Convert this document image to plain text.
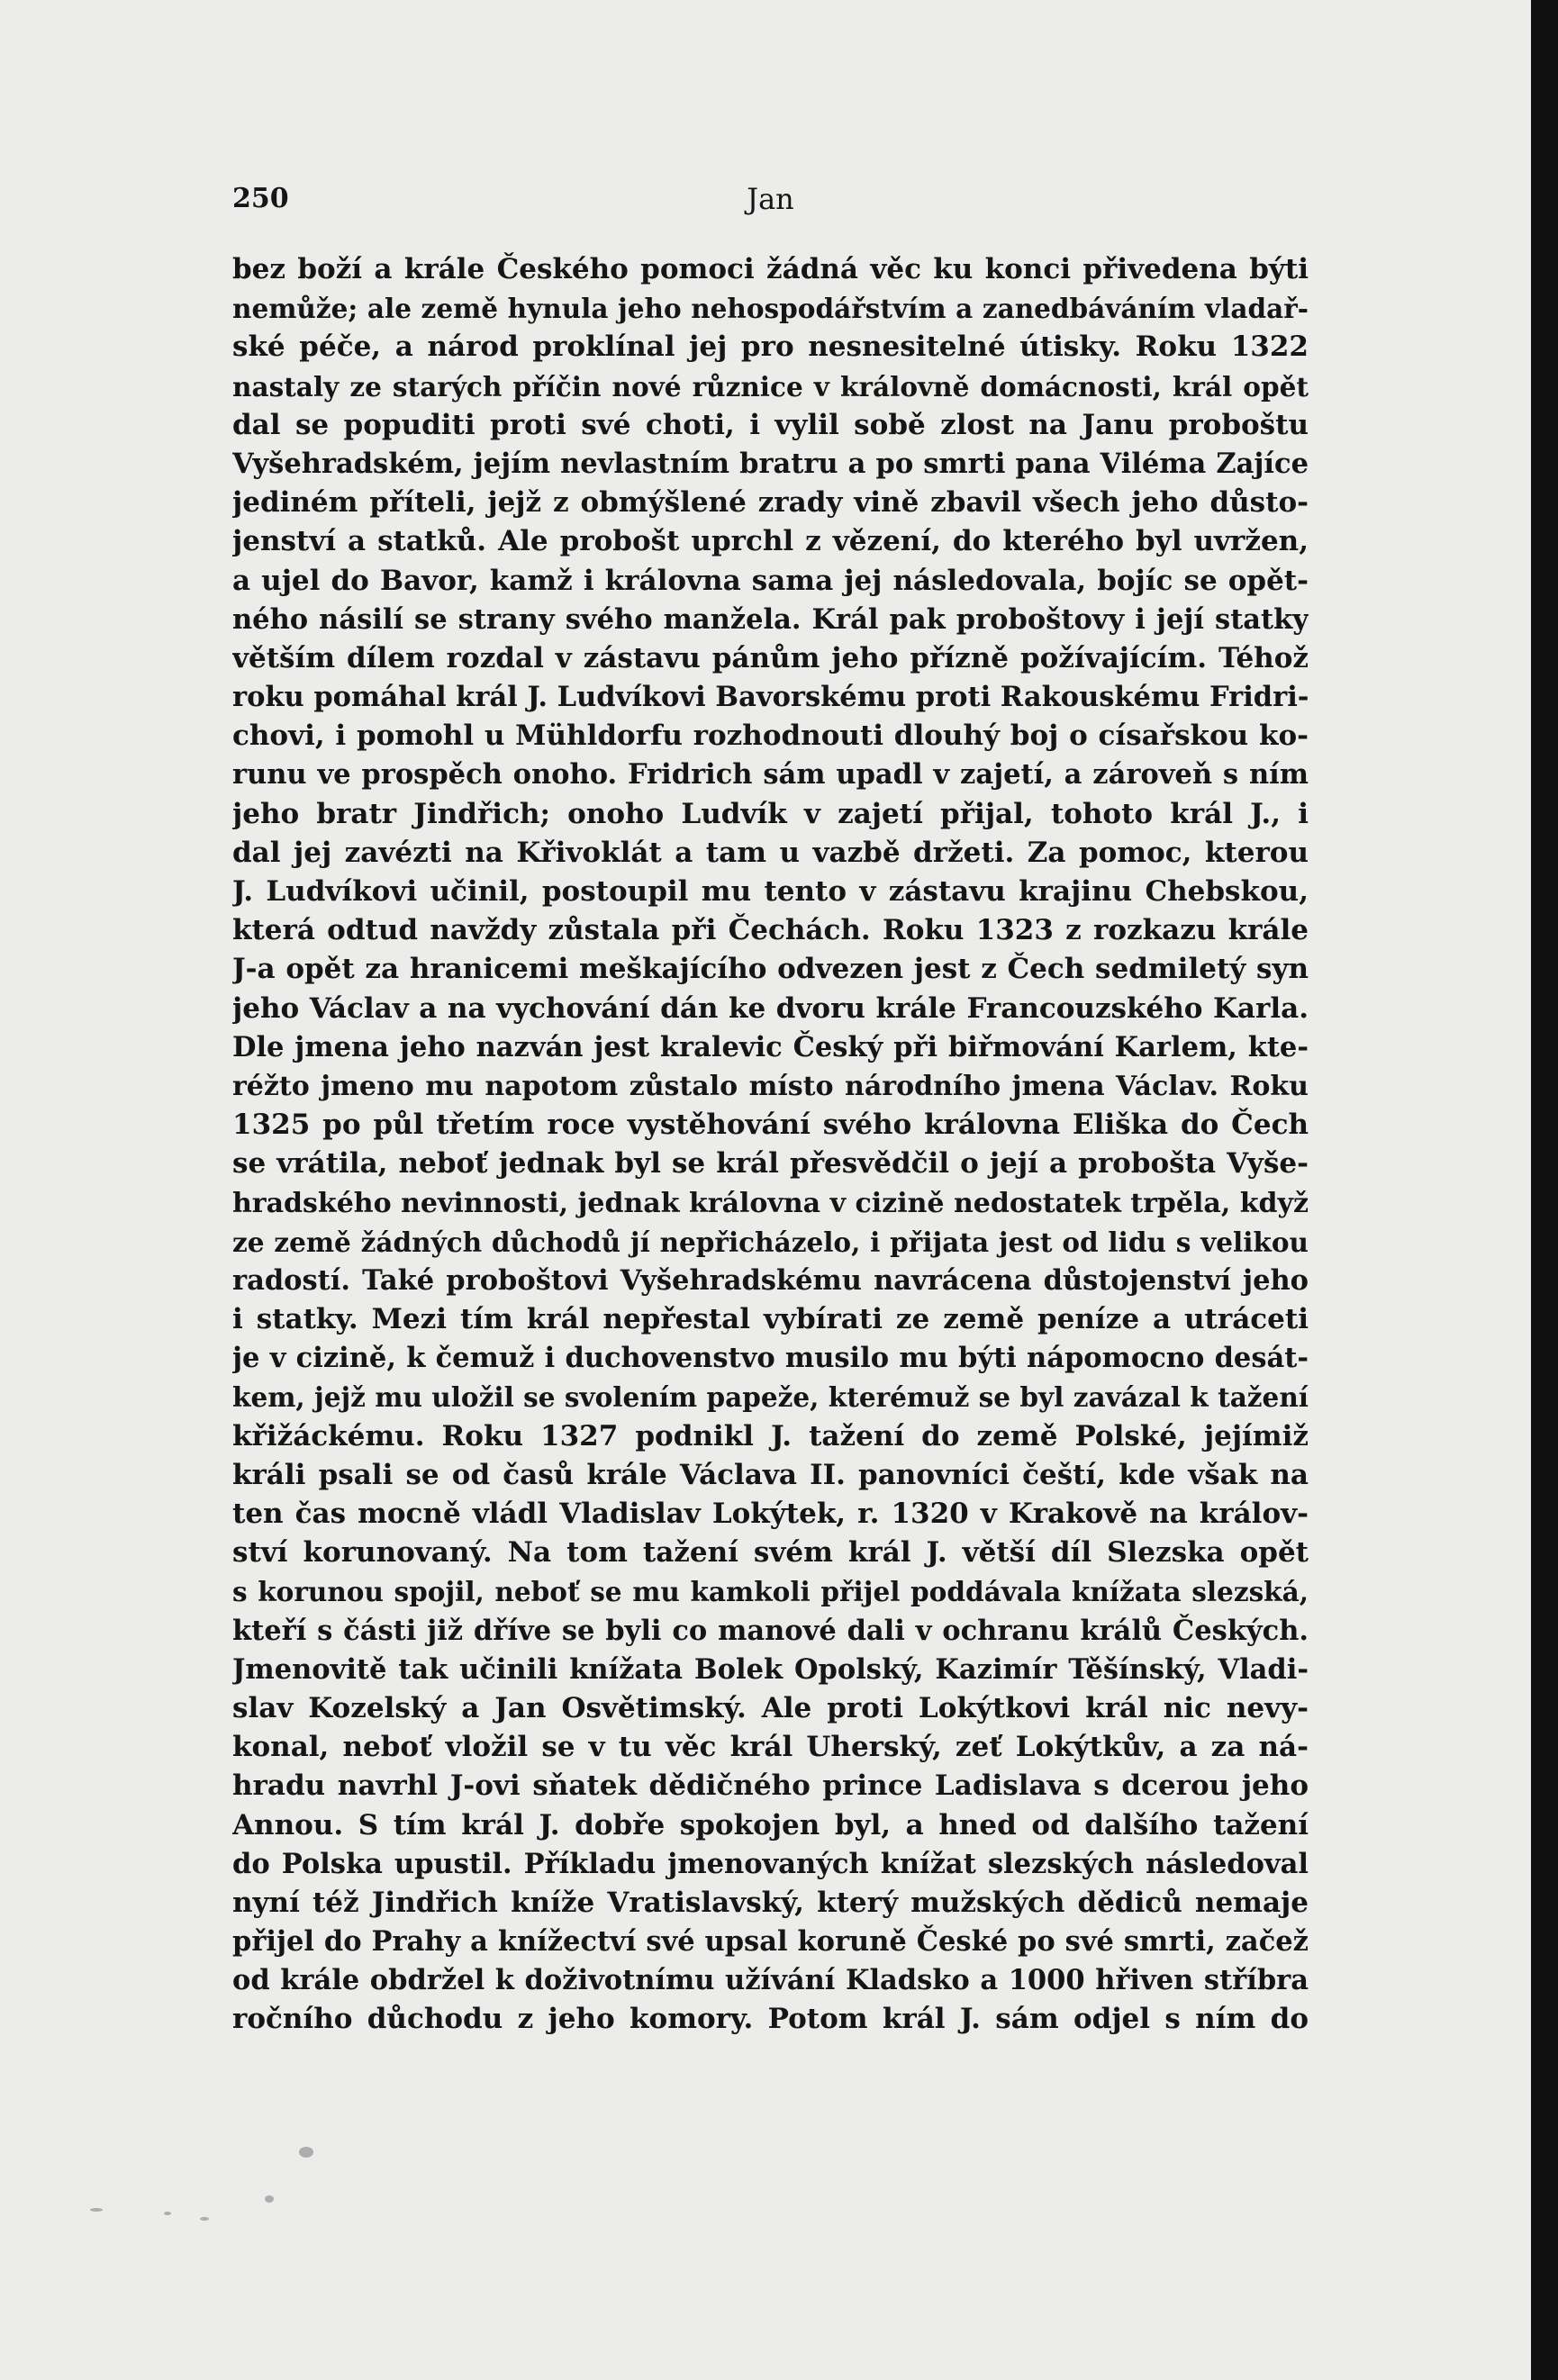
250	Jan
bez boží a krále Českého pomoci žádná věc ku konci přivedena býti
nemůže; ale země hynula jeho nehospodářstvím a zanedbáváním vladař-
ské péče, a národ proklínal jej pro nesnesitelné útisky. Roku 1322
nastaly ze starých příčin nové různice v královně domácnosti, král opět
dal se popuditi proti své choti, i vylil sobě zlost na Janu proboštu
Vyšehradském, jejím nevlastním bratru a po smrti pana Viléma Zajíce
jediném příteli, jejž z obmýšlené zrady vině zbavil všech jeho důsto-
jenství a statků. Ale probošt uprchl z vězení, do kterého byl uvržen,
a ujel do Bavor, kamž i královna sama jej následovala, bojíc se opět-
ného násilí se strany svého manžela. Král pak proboštovy i její statky
větším dílem rozdal v zástavu pánům jeho přízně požívajícím. Téhož
roku pomáhal král J. Ludvíkovi Bavorskému proti Rakouskému Fridri-
chovi, i pomohl u Mühldorfu rozhodnouti dlouhý boj o císařskou ko-
runu ve prospěch onoho. Fridrich sám upadl v zajetí, a zároveň s ním
jeho bratr Jindřich; onoho Ludvík v zajetí přijal, tohoto král J., i
dal jej zavézti na Křivoklát a tam u vazbě držeti. Za pomoc, kterou
J. Ludvíkovi učinil, postoupil mu tento v zástavu krajinu Chebskou,
která odtud navždy zůstala při Čechách. Roku 1323 z rozkazu krále
J-a opět za hranicemi meškajícího odvezen jest z Čech sedmiletý syn
jeho Václav a na vychování dán ke dvoru krále Francouzského Karla.
Dle jmena jeho nazván jest kralevic Český při biřmování Karlem, kte-
réžto jmeno mu napotom zůstalo místo národního jmena Václav. Roku
1325 po půl třetím roce vystěhování svého královna Eliška do Čech
se vrátila, neboť jednak byl se král přesvědčil o její a probošta Vyše-
hradského nevinnosti, jednak královna v cizině nedostatek trpěla, když
ze země žádných důchodů jí nepřicházelo, i přijata jest od lidu s velikou
radostí. Také proboštovi Vyšehradskému navrácena důstojenství jeho
i statky. Mezi tím král nepřestal vybírati ze země peníze a utráceti
je v cizině, k čemuž i duchovenstvo musilo mu býti nápomocno desát-
kem, jejž mu uložil se svolením papeže, kterémuž se byl zavázal k tažení
křižáckému. Roku 1327 podnikl J. tažení do země Polské, jejímiž
králi psali se od časů krále Václava II. panovníci čeští, kde však na
ten čas mocně vládl Vladislav Lokýtek, r. 1320 v Krakově na králov-
ství korunovaný. Na tom tažení svém král J. větší díl Slezska opět
s korunou spojil, neboť se mu kamkoli přijel poddávala knížata slezská,
kteří s části již dříve se byli co manové dali v ochranu králů Českých.
Jmenovitě tak učinili knížata Bolek Opolský, Kazimír Těšínský, Vladi-
slav Kozelský a Jan Osvětimský. Ale proti Lokýtkovi král nic nevy-
konal, neboť vložil se v tu věc král Uherský, zeť Lokýtkův, a za ná-
hradu navrhl J-ovi sňatek dědičného prince Ladislava s dcerou jeho
Annou. S tím král J. dobře spokojen byl, a hned od dalšího tažení
do Polska upustil. Příkladu jmenovaných knížat slezských následoval
nyní též Jindřich kníže Vratislavský, který mužských dědiců nemaje
přijel do Prahy a knížectví své upsal koruně České po své smrti, začež
od krále obdržel k doživotnímu užívání Kladsko a 1000 hřiven stříbra
ročního důchodu z jeho komory. Potom král J. sám odjel s ním do
